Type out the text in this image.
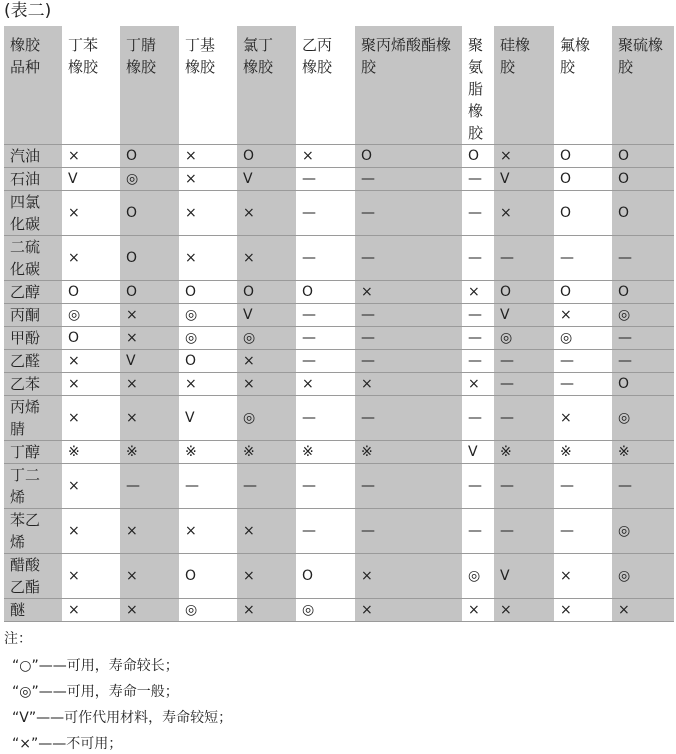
(表二)
橡胶品种	丁苯橡胶	丁腈橡胶	丁基橡胶	氯丁橡胶	乙丙橡胶	聚丙烯酸酯橡胶	聚氨脂橡胶	硅橡胶	氟橡胶	聚硫橡胶

汽油	×	O	×	O	×	O	O	×	O	O

石油	V	◎	×	V	—	—	—	V	O	O

四氯化碳	×	O	×	×	—	—	—	×	O	O

二硫化碳	×	O	×	×	—	—	—	—	—	—

乙醇	O	O	O	O	O	×	×	O	O	O

丙酮	◎	×	◎	V	—	—	—	V	×	◎

甲酚	O	×	◎	◎	—	—	—	◎	◎	—

乙醛	×	V	O	×	—	—	—	—	—	—

乙苯	×	×	×	×	×	×	×	—	—	O

丙烯腈	×	×	V	◎	—	—	—	—	×	◎

丁醇	※	※	※	※	※	※	V	※	※	※

丁二烯	×	—	—	—	—	—	—	—	—	—

苯乙烯	×	×	×	×	—	—	—	—	—	◎

醋酸乙酯	×	×	O	×	O	×	◎	V	×	◎

醚	×	×	◎	×	◎	×	×	×	×	×
注：
“○”——可用，寿命较长；
“◎”——可用，寿命一般；
“V”——可作代用材料，寿命较短；
“×”——不可用；
